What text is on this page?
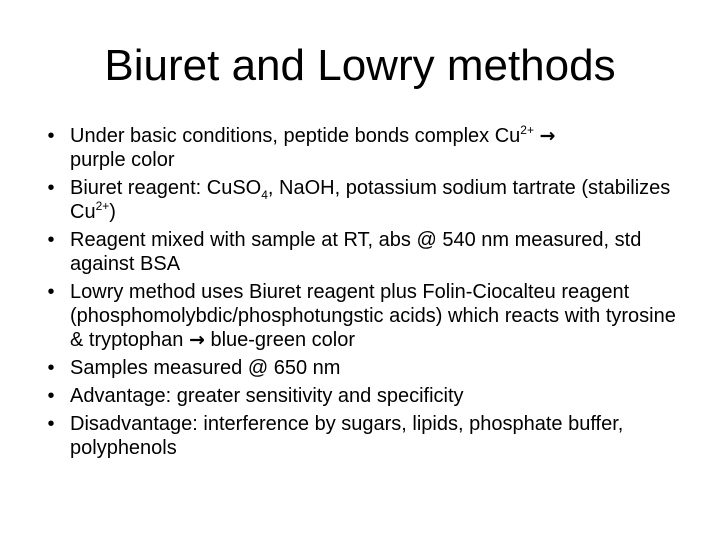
Biuret and Lowry methods
• Under basic conditions, peptide bonds complex $Cu^{2+}$ →
purple color
• Biuret reagent: CuSO$_4$, NaOH, potassium sodium tartrate (stabilizes $Cu^{2+}$)
• Reagent mixed with sample at RT, abs @ 540 nm measured, std against BSA
• Lowry method uses Biuret reagent plus Folin-Ciocalteu reagent (phosphomolybdic/phosphotungstic acids) which reacts with tyrosine & tryptophan → blue-green color
• Samples measured @ 650 nm
• Advantage: greater sensitivity and specificity
• Disadvantage: interference by sugars, lipids, phosphate buffer, polyphenols
